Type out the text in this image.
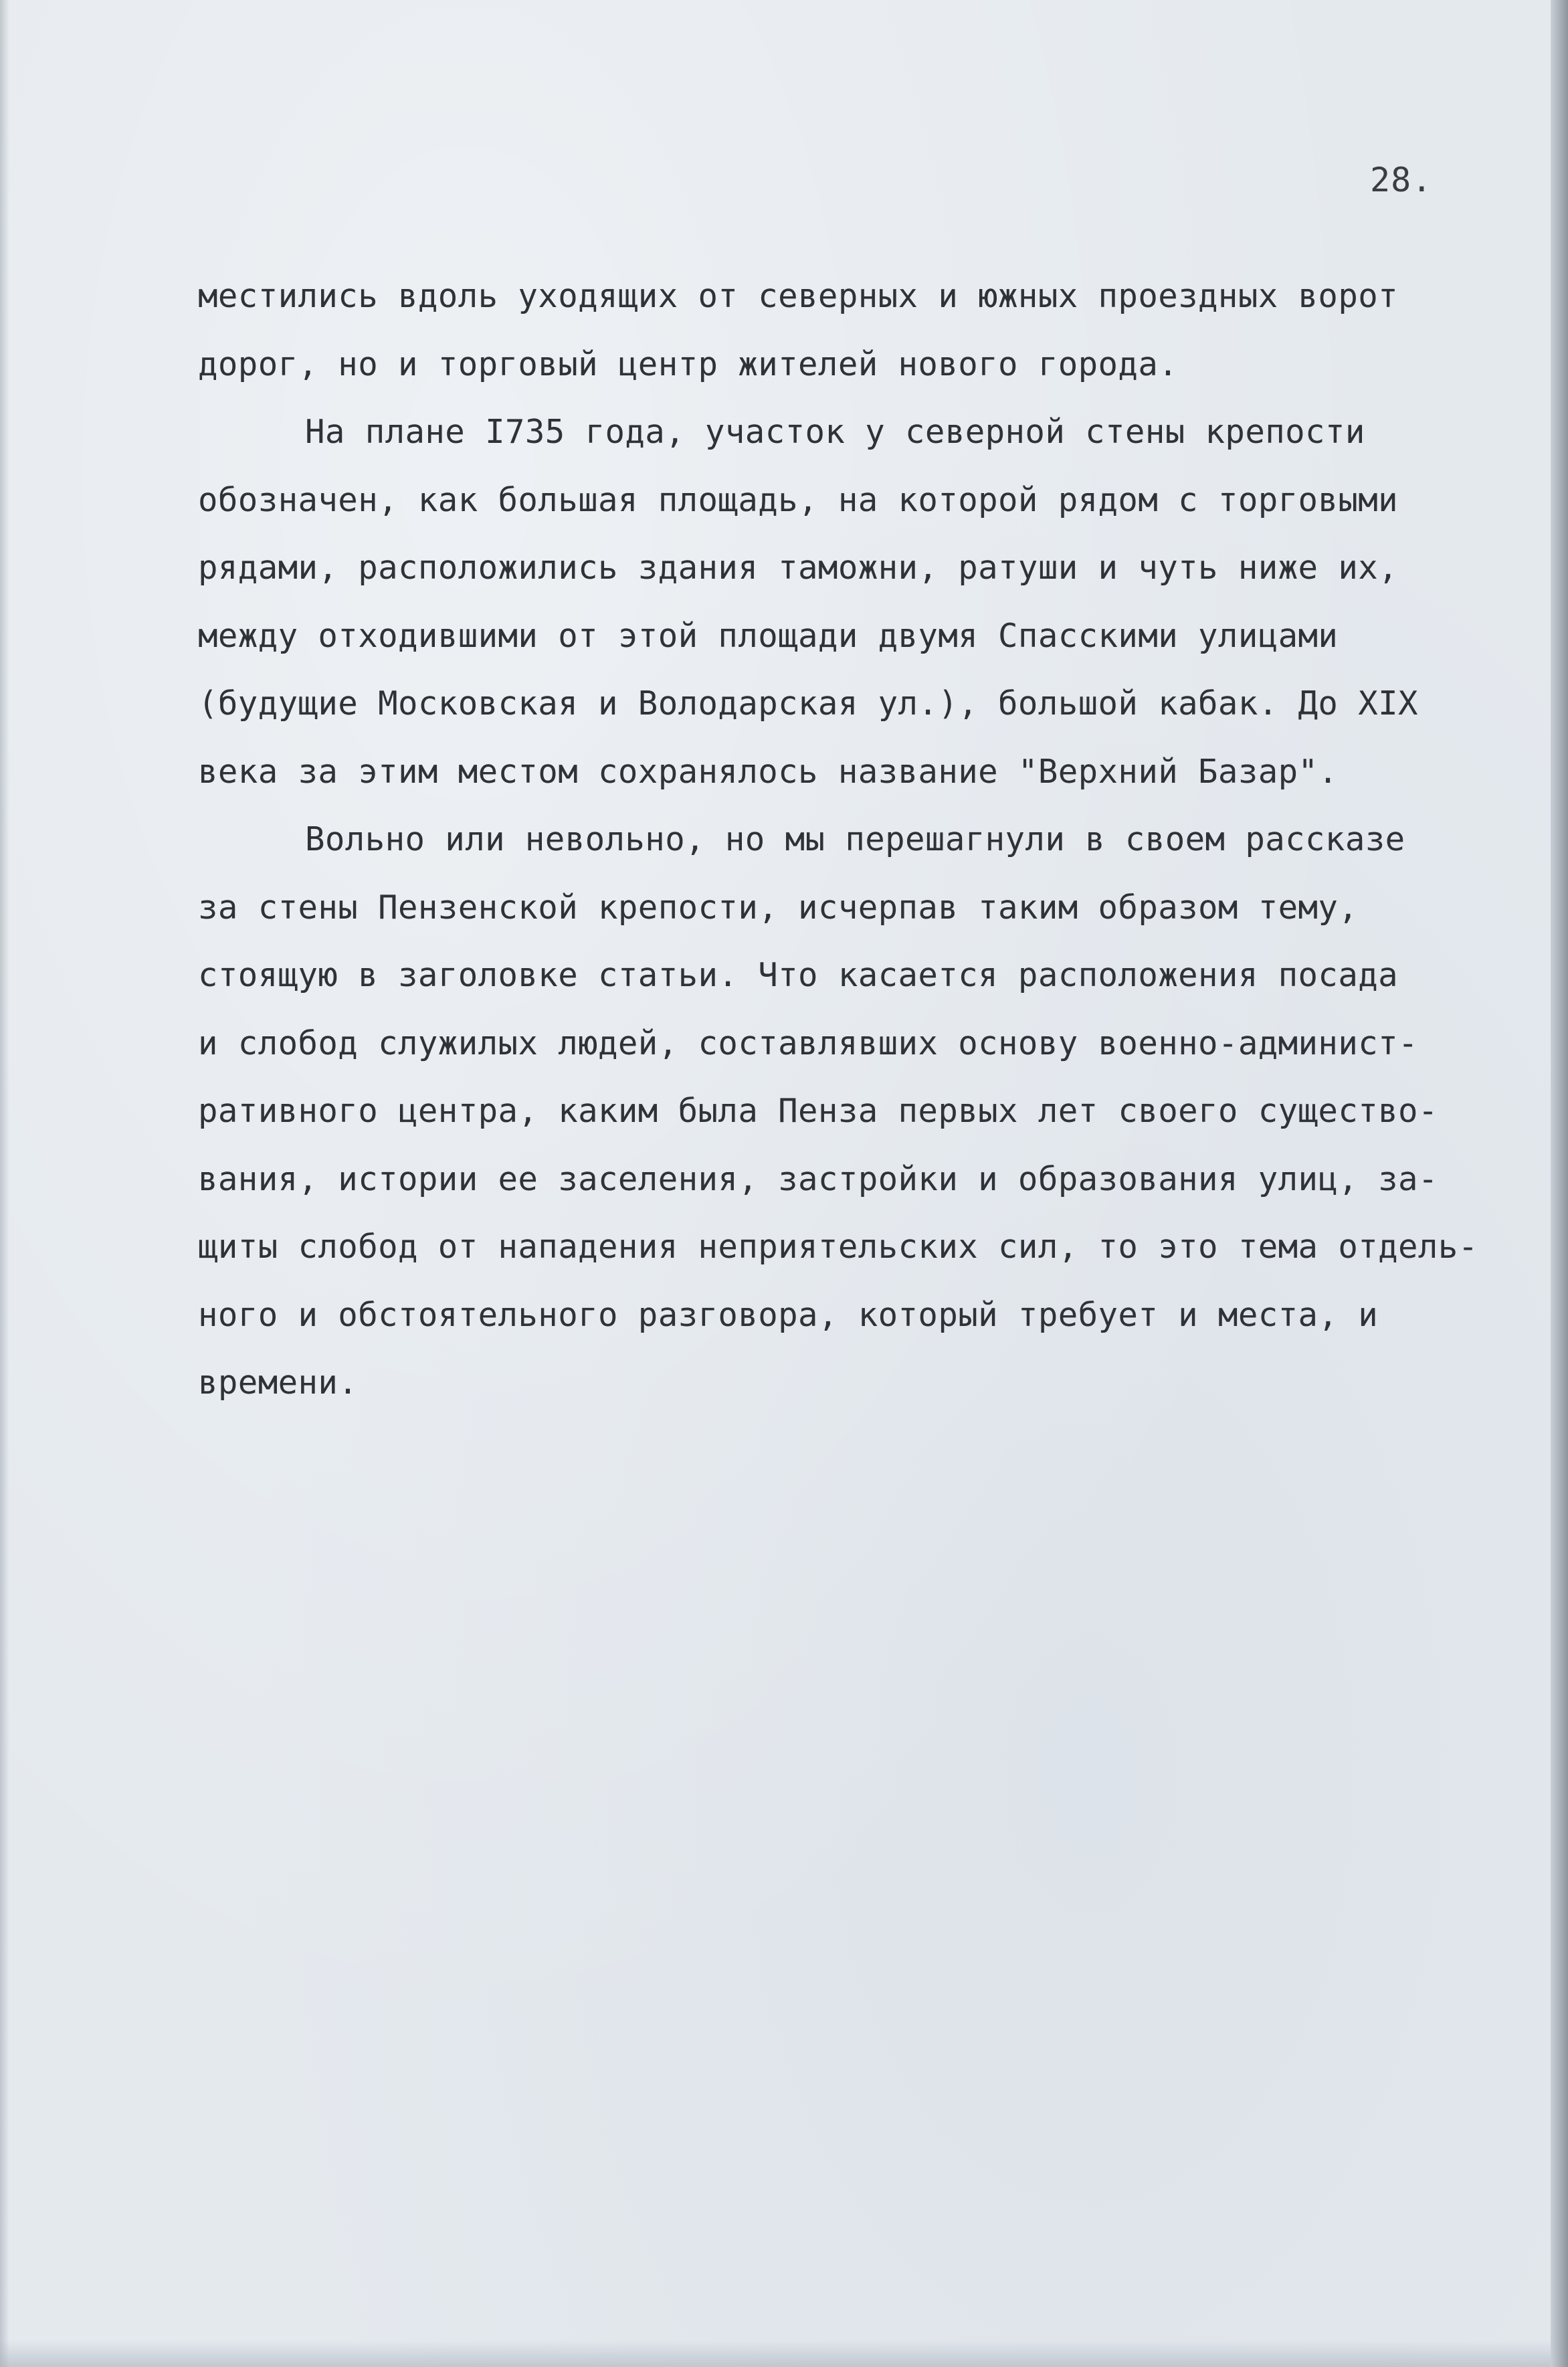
28.
местились вдоль уходящих от северных и южных проездных ворот
дорог, но и торговый центр жителей нового города.
На плане I735 года, участок у северной стены крепости
обозначен, как большая площадь, на которой рядом с торговыми
рядами, расположились здания таможни, ратуши и чуть ниже их,
между отходившими от этой площади двумя Спасскими улицами
(будущие Московская и Володарская ул.), большой кабак. До XIX
века за этим местом сохранялось название "Верхний Базар".
Вольно или невольно, но мы перешагнули в своем рассказе
за стены Пензенской крепости, исчерпав таким образом тему,
стоящую в заголовке статьи. Что касается расположения посада
и слобод служилых людей, составлявших основу военно-админист-
ративного центра, каким была Пенза первых лет своего существо-
вания, истории ее заселения, застройки и образования улиц, за-
щиты слобод от нападения неприятельских сил, то это тема отдель-
ного и обстоятельного разговора, который требует и места, и
времени.
